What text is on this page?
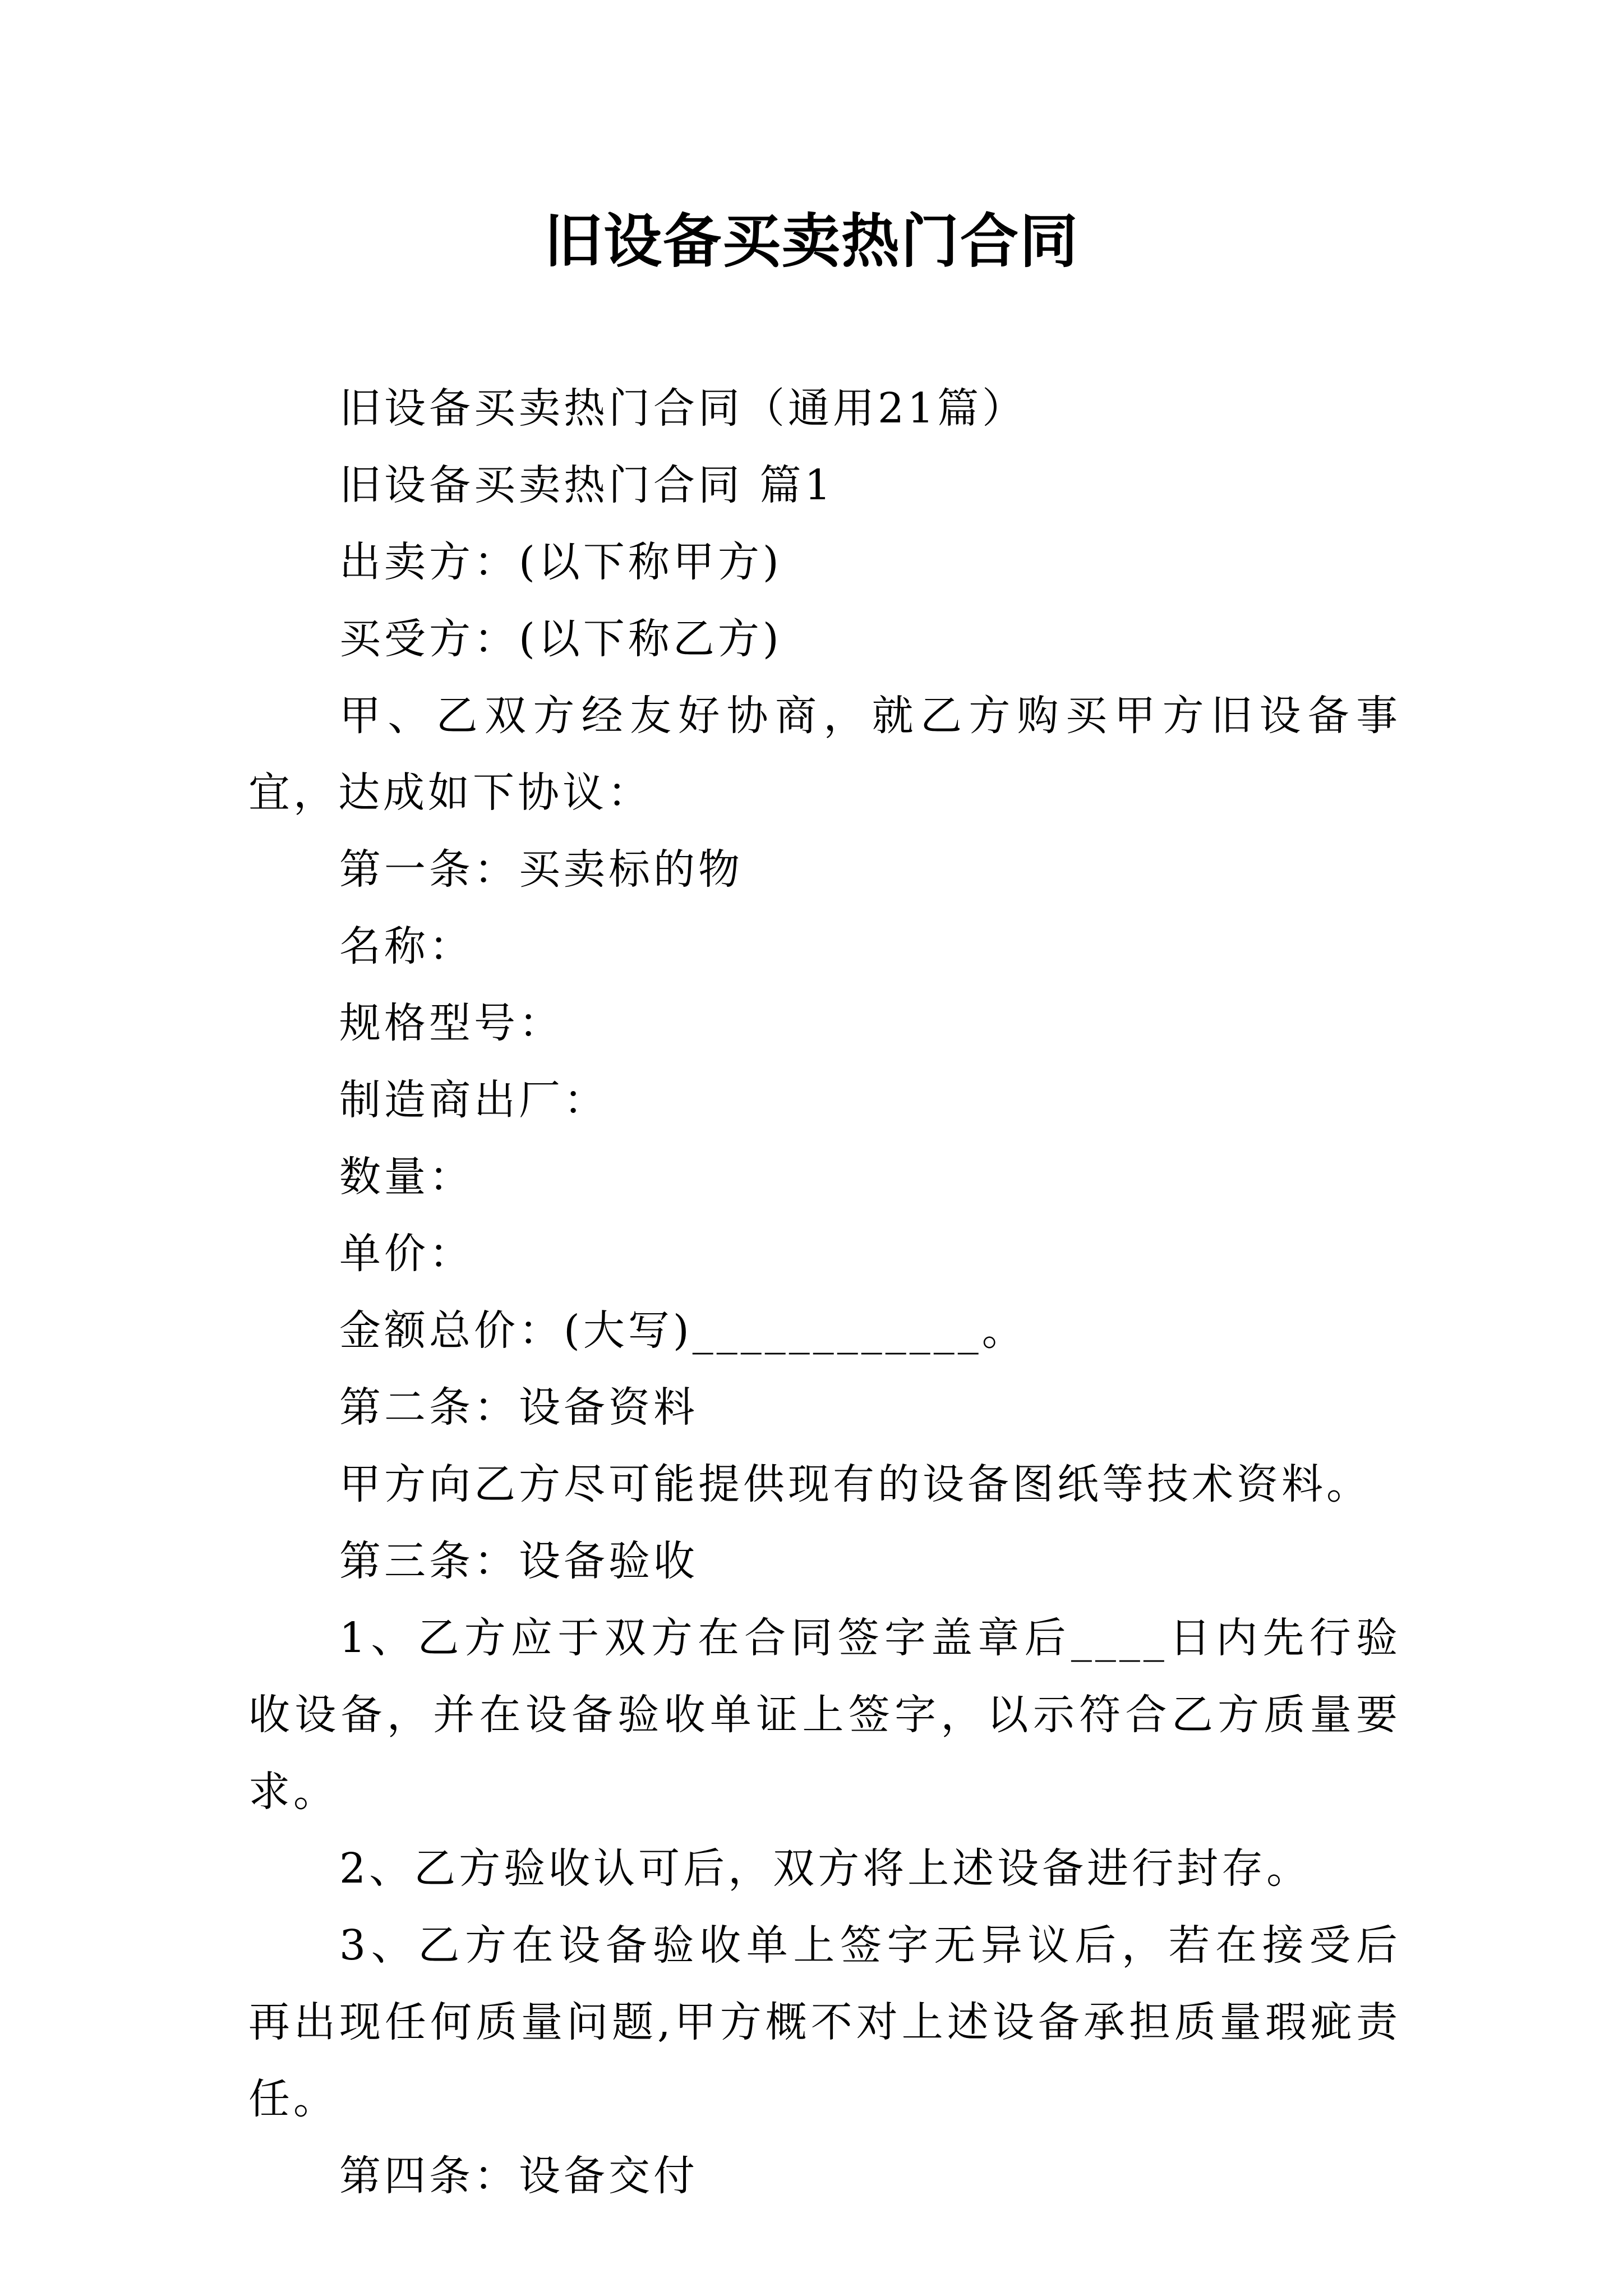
旧设备买卖热门合同

旧设备买卖热门合同（通用21篇）

旧设备买卖热门合同 篇1

出卖方：(以下称甲方)

买受方：(以下称乙方)

甲、乙双方经友好协商，就乙方购买甲方旧设备事宜，达成如下协议：

第一条：买卖标的物

名称：

规格型号：

制造商出厂：

数量：

单价：

金额总价：(大写)____________。

第二条：设备资料

甲方向乙方尽可能提供现有的设备图纸等技术资料。

第三条：设备验收

1、乙方应于双方在合同签字盖章后____日内先行验收设备，并在设备验收单证上签字，以示符合乙方质量要求。

2、乙方验收认可后，双方将上述设备进行封存。

3、乙方在设备验收单上签字无异议后，若在接受后再出现任何质量问题,甲方概不对上述设备承担质量瑕疵责任。

第四条：设备交付
